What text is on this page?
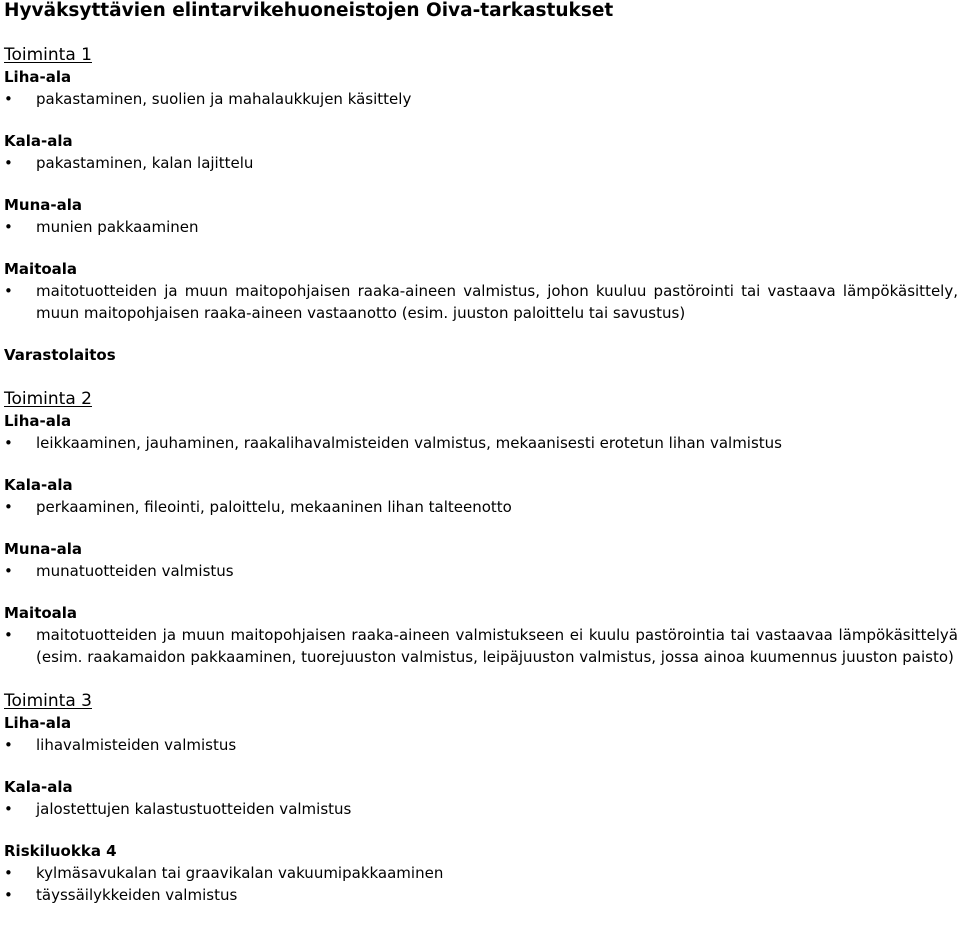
Hyväksyttävien elintarvikehuoneistojen Oiva-tarkastukset
Toiminta 1
Liha-ala
• pakastaminen, suolien ja mahalaukkujen käsittely
Kala-ala
• pakastaminen, kalan lajittelu
Muna-ala
• munien pakkaaminen
Maitoala
• maitotuotteiden ja muun maitopohjaisen raaka-aineen valmistus, johon kuuluu pastörointi tai vastaava lämpökäsittely, muun maitopohjaisen raaka-aineen vastaanotto (esim. juuston paloittelu tai savustus)
Varastolaitos
Toiminta 2
Liha-ala
• leikkaaminen, jauhaminen, raakalihavalmisteiden valmistus, mekaanisesti erotetun lihan valmistus
Kala-ala
• perkaaminen, fileointi, paloittelu, mekaaninen lihan talteenotto
Muna-ala
• munatuotteiden valmistus
Maitoala
• maitotuotteiden ja muun maitopohjaisen raaka-aineen valmistukseen ei kuulu pastörointia tai vastaavaa lämpökäsittelyä (esim. raakamaidon pakkaaminen, tuorejuuston valmistus, leipäjuuston valmistus, jossa ainoa kuumennus juuston paisto)
Toiminta 3
Liha-ala
• lihavalmisteiden valmistus
Kala-ala
• jalostettujen kalastustuotteiden valmistus
Riskiluokka 4
• kylmäsavukalan tai graavikalan vakuumipakkaaminen
• täyssäilykkeiden valmistus
